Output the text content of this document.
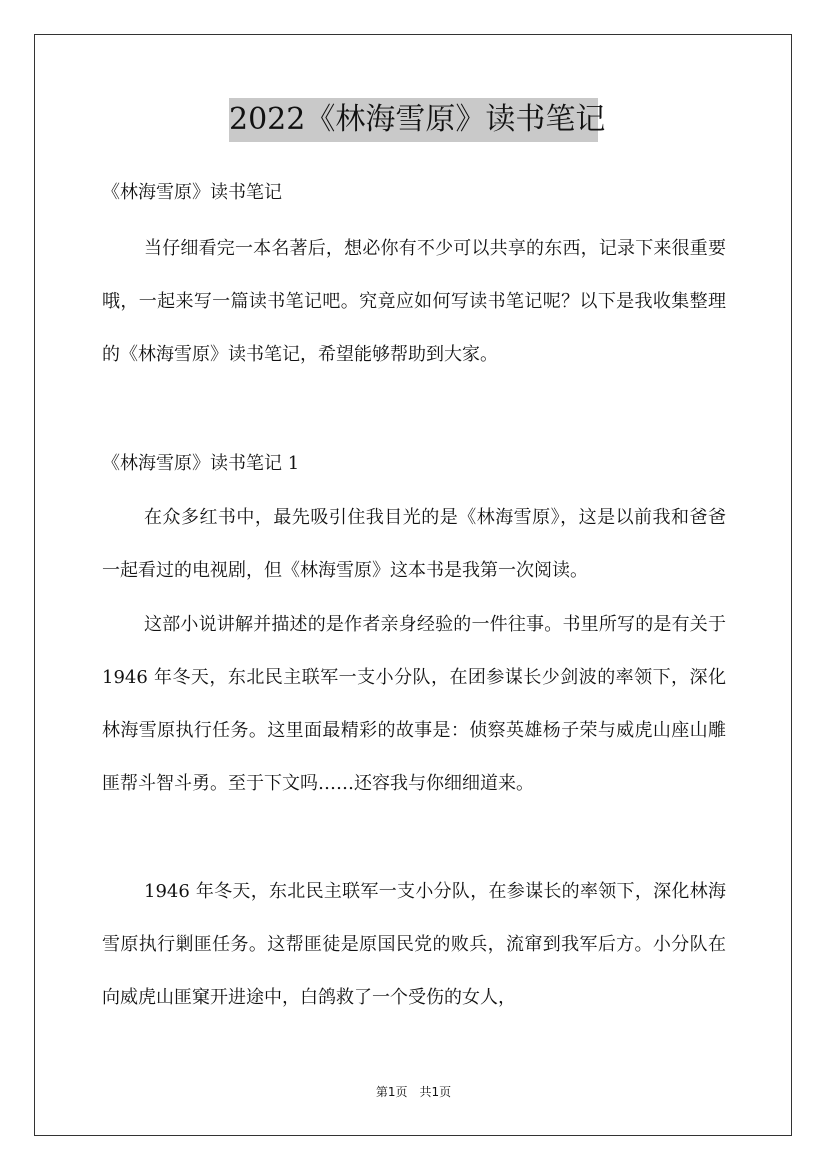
2022《林海雪原》读书笔记
《林海雪原》读书笔记

当仔细看完一本名著后，想必你有不少可以共享的东西，记录下来很重要哦，一起来写一篇读书笔记吧。究竟应如何写读书笔记呢？以下是我收集整理的《林海雪原》读书笔记，希望能够帮助到大家。

《林海雪原》读书笔记 1

在众多红书中，最先吸引住我目光的是《林海雪原》，这是以前我和爸爸一起看过的电视剧，但《林海雪原》这本书是我第一次阅读。

这部小说讲解并描述的是作者亲身经验的一件往事。书里所写的是有关于 1946 年冬天，东北民主联军一支小分队，在团参谋长少剑波的率领下，深化林海雪原执行任务。这里面最精彩的故事是：侦察英雄杨子荣与威虎山座山雕匪帮斗智斗勇。至于下文吗……还容我与你细细道来。

1946 年冬天，东北民主联军一支小分队，在参谋长的率领下，深化林海雪原执行剿匪任务。这帮匪徒是原国民党的败兵，流窜到我军后方。小分队在向威虎山匪窠开进途中，白鸽救了一个受伤的女人，

第1页　共1页
